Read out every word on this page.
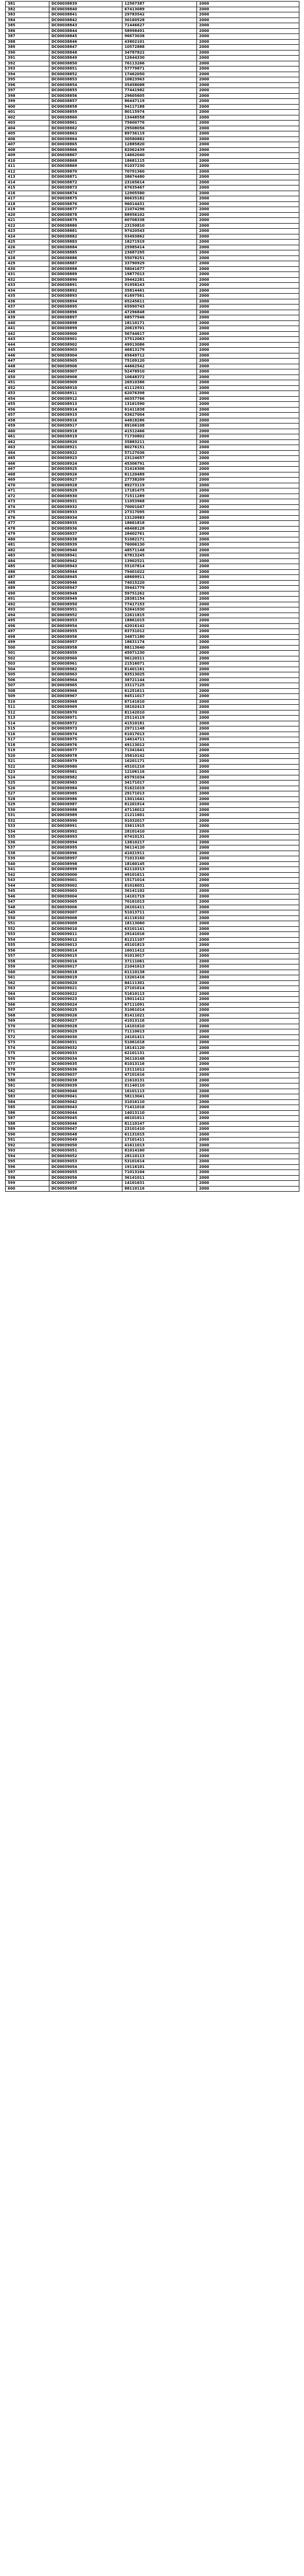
381	DC00038839	12567387	2000
382	DC00038840	67413089	2000
383	DC00038841	29783542	2000
384	DC00038842	30160528	2000
385	DC00038843	71446627	2000
386	DC00038844	58998491	2000
387	DC00038845	96673038	2000
388	DC00038846	43802101	2000
389	DC00038847	10572888	2000
390	DC00038848	34787822	2000
391	DC00038849	12644330	2000
392	DC00038850	76113266	2000
393	DC00038851	57779871	2000
394	DC00038852	17462050	2000
395	DC00038853	10823963	2000
396	DC00038854	35458088	2000
397	DC00038855	77441982	2000
398	DC00038856	29605605	2000
399	DC00038857	86447119	2000
400	DC00038858	94117188	2000
401	DC00038859	80115974	2000
402	DC00038860	13448558	2000
403	DC00038861	75600776	2000
404	DC00038862	29508056	2000
405	DC00038863	89736119	2000
406	DC00038864	30580882	2000
407	DC00038865	12885820	2000
408	DC00038866	82062439	2000
409	DC00038867	14662040	2000
410	DC00038868	18681115	2000
411	DC00038869	91037230	2000
412	DC00038870	70791360	2000
413	DC00038871	38674480	2000
414	DC00038872	23165614	2000
415	DC00038873	67635467	2000
416	DC00038874	12905580	2000
417	DC00038875	86635182	2000
418	DC00038876	96014431	2000
419	DC00038877	21074296	2000
420	DC00038878	88956102	2000
421	DC00038879	60708338	2000
422	DC00038880	23150810	2000
423	DC00038881	97420543	2000
424	DC00038882	93493862	2000
425	DC00038883	18271919	2000
426	DC00038884	25985414	2000
427	DC00038885	23687295	2000
428	DC00038886	55078251	2000
429	DC00038887	33790929	2000
430	DC00038888	58041677	2000
431	DC00038889	19877013	2000
432	DC00038890	39442281	2000
433	DC00038891	91958243	2000
434	DC00038892	35814461	2000
435	DC00038893	61697561	2000
436	DC00038894	65245611	2000
437	DC00038895	65990743	2000
438	DC00038896	47296848	2000
439	DC00038897	68577946	2000
440	DC00038898	18110171	2000
441	DC00038899	20619701	2000
442	DC00038900	56744617	2000
443	DC00038901	37512063	2000
444	DC00038902	49913086	2000
445	DC00038903	46813179	2000
446	DC00038904	65649712	2000
447	DC00038905	75109120	2000
448	DC00038906	44662542	2000
449	DC00038907	92478910	2000
450	DC00038908	10648372	2000
451	DC00038909	26910386	2000
452	DC00038910	41112931	2000
453	DC00038911	62076398	2000
454	DC00038912	40357766	2000
455	DC00038913	13161590	2000
456	DC00038914	91411838	2000
457	DC00038915	63627004	2000
458	DC00038916	44818286	2000
459	DC00038917	89106108	2000
460	DC00038918	41512466	2000
461	DC00038919	71730802	2000
462	DC00038920	35883211	2000
463	DC00038921	80276151	2000
464	DC00038922	57127036	2000
465	DC00038923	23124657	2000
466	DC00038924	45306791	2000
467	DC00038925	31416306	2000
468	DC00038926	81120489	2000
469	DC00038927	27738209	2000
470	DC00038928	89273119	2000
471	DC00038929	17181475	2000
472	DC00038930	71511289	2000
473	DC00038931	11053968	2000
474	DC00038932	70001047	2000
475	DC00038933	27317095	2000
476	DC00038934	13120983	2000
477	DC00038935	18661818	2000
478	DC00038936	48468128	2000
479	DC00038937	28402761	2000
480	DC00038938	51082171	2000
481	DC00038939	76006130	2000
482	DC00038940	48571148	2000
483	DC00038941	67813245	2000
484	DC00038942	13902521	2000
485	DC00038943	55107814	2000
486	DC00038944	79401022	2000
487	DC00038945	48669911	2000
488	DC00038946	74015220	2000
489	DC00038947	39441779	2000
490	DC00038948	59751262	2000
491	DC00038949	28381154	2000
492	DC00038950	77417153	2000
493	DC00038951	52641930	2000
494	DC00038952	22611815	2000
495	DC00038953	18861015	2000
496	DC00038954	42016142	2000
497	DC00038955	83731012	2000
498	DC00038956	34871180	2000
499	DC00038957	18631174	2000
500	DC00038958	88113640	2000
501	DC00038959	45971230	2000
502	DC00038960	96120311	2000
503	DC00038961	21516071	2000
504	DC00038962	81401161	2000
505	DC00038963	83513025	2000
506	DC00038964	38721144	2000
507	DC00038965	33117125	2000
508	DC00038966	61251611	2000
509	DC00038967	84511017	2000
510	DC00038968	67141610	2000
511	DC00038969	38102413	2000
512	DC00038970	81142010	2000
513	DC00038971	25114119	2000
514	DC00038972	41510181	2000
515	DC00038973	29711148	2000
516	DC00038974	61017013	2000
517	DC00038975	14614711	2000
518	DC00038976	49113012	2000
519	DC00038977	71341641	2000
520	DC00038978	35610142	2000
521	DC00038979	16201171	2000
522	DC00038980	45101216	2000
523	DC00038981	12106116	2000
524	DC00038982	65791034	2000
525	DC00038983	34171017	2000
526	DC00038984	51621019	2000
527	DC00038985	29171013	2000
528	DC00038986	13011641	2000
529	DC00038987	81201914	2000
530	DC00038988	47116012	2000
531	DC00038989	21211601	2000
532	DC00038990	91032017	2000
533	DC00038991	33611915	2000
534	DC00038992	28101410	2000
535	DC00038993	67410131	2000
536	DC00038994	13810217	2000
537	DC00038995	56114120	2000
538	DC00038996	41021911	2000
539	DC00038997	71013160	2000
540	DC00038998	18160145	2000
541	DC00038999	62110313	2000
542	DC00039000	49101611	2000
543	DC00039001	15171014	2000
544	DC00039002	81016031	2000
545	DC00039003	36141102	2000
546	DC00039004	14101719	2000
547	DC00039005	70161013	2000
548	DC00039006	26101411	2000
549	DC00039007	51013711	2000
550	DC00039008	41116102	2000
551	DC00039009	18113060	2000
552	DC00039010	63101141	2000
553	DC00039011	29141016	2000
554	DC00039012	81211107	2000
555	DC00039013	45101813	2000
556	DC00039014	16011412	2000
557	DC00039015	91013017	2000
558	DC00039016	37111061	2000
559	DC00039017	21041613	2000
560	DC00039018	61110138	2000
561	DC00039019	13201416	2000
562	DC00039020	84111301	2000
563	DC00039021	27101614	2000
564	DC00039022	51610113	2000
565	DC00039023	19011412	2000
566	DC00039024	67111091	2000
567	DC00039025	31061014	2000
568	DC00039026	81411021	2000
569	DC00039027	41013116	2000
570	DC00039028	14101610	2000
571	DC00039029	71110613	2000
572	DC00039030	24101411	2000
573	DC00039031	51061018	2000
574	DC00039032	18141120	2000
575	DC00039033	62101131	2000
576	DC00039034	36110148	2000
577	DC00039035	81013116	2000
578	DC00039036	13111012	2000
579	DC00039037	47101616	2000
580	DC00039038	21610131	2000
581	DC00039039	91140110	2000
582	DC00039040	16101113	2000
583	DC00039041	58113041	2000
584	DC00039042	31016110	2000
585	DC00039043	71411016	2000
586	DC00039044	14013110	2000
587	DC00039045	46101611	2000
588	DC00039046	81110147	2000
589	DC00039047	23101410	2000
590	DC00039048	61131015	2000
591	DC00039049	17101411	2000
592	DC00039050	41611013	2000
593	DC00039051	81014160	2000
594	DC00039052	28110113	2000
595	DC00039053	53101614	2000
596	DC00039054	19116101	2000
597	DC00039055	71013104	2000
598	DC00039056	36141011	2000
599	DC00039057	14101631	2000
600	DC00039058	88110116	2000
